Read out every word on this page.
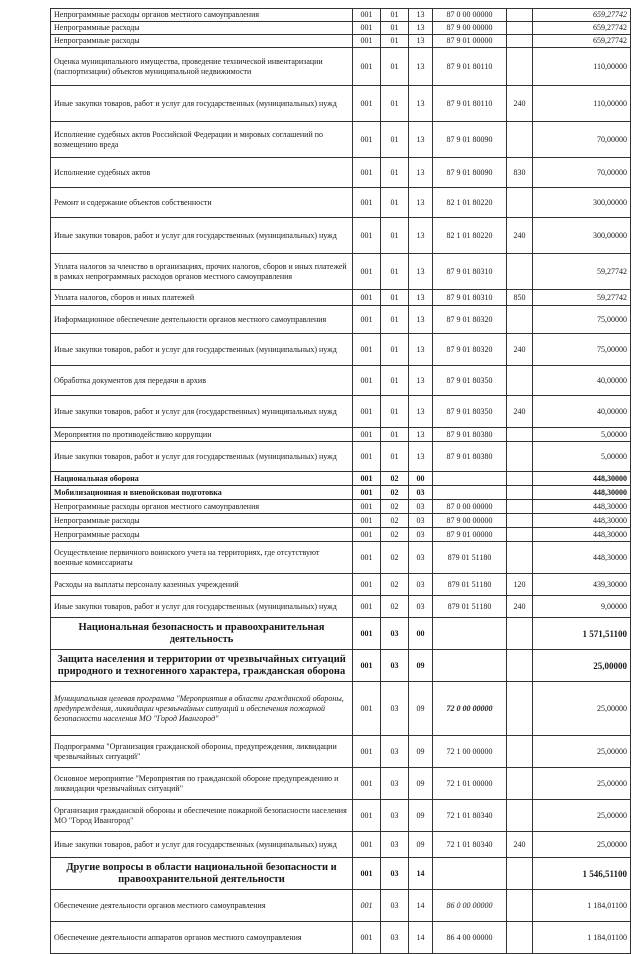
Непрограммные расходы органов местного самоуправления	001	01	13	87 0 00 00000		659,27742
Непрограммные расходы	001	01	13	87 9 00 00000		659,27742
Непрограммные расходы	001	01	13	87 9 01 00000		659,27742
Оценка муниципального имущества, проведение технической инвентаризации (паспортизации) объектов муниципальной недвижимости	001	01	13	87 9 01 80110		110,00000
Иные закупки товаров, работ и услуг для государственных (муниципальных) нужд	001	01	13	87 9 01 80110	240	110,00000
Исполнение судебных актов Российской Федерации и мировых соглашений по возмещению вреда	001	01	13	87 9 01 80090		70,00000
Исполнение судебных актов	001	01	13	87 9 01 80090	830	70,00000
Ремонт и содержание объектов собственности	001	01	13	82 1 01 80220		300,00000
Иные закупки товаров, работ и услуг для государственных (муниципальных) нужд	001	01	13	82 1 01 80220	240	300,00000
Уплата налогов за членство в организациях, прочих налогов, сборов и иных платежей в рамках непрограммных расходов органов местного самоуправления	001	01	13	87 9 01 80310		59,27742
Уплата налогов, сборов и иных платежей	001	01	13	87 9 01 80310	850	59,27742
Информационное обеспечение деятельности органов местного самоуправления	001	01	13	87 9 01 80320		75,00000
Иные закупки товаров, работ и услуг для государственных (муниципальных) нужд	001	01	13	87 9 01 80320	240	75,00000
Обработка документов для передачи в архив	001	01	13	87 9 01 80350		40,00000
Иные закупки товаров, работ и услуг для (государственных) муниципальных нужд	001	01	13	87 9 01 80350	240	40,00000
Мероприятия по противодействию коррупции	001	01	13	87 9 01 80380		5,00000
Иные закупки товаров, работ и услуг для государственных (муниципальных) нужд	001	01	13	87 9 01 80380		5,00000
Национальная оборона	001	02	00			448,30000
Мобилизационная и вневойсковая подготовка	001	02	03			448,30000
Непрограммные расходы органов местного самоуправления	001	02	03	87 0 00 00000		448,30000
Непрограммные расходы	001	02	03	87 9 00 00000		448,30000
Непрограммные расходы	001	02	03	87 9 01 00000		448,30000
Осуществление первичного воинского учета на территориях, где отсутствуют военные комиссариаты	001	02	03	879 01 51180		448,30000
Расходы на выплаты персоналу казенных учреждений	001	02	03	879 01 51180	120	439,30000
Иные закупки товаров, работ и услуг для государственных (муниципальных) нужд	001	02	03	879 01 51180	240	9,00000
Национальная безопасность и правоохранительная деятельность	001	03	00			1 571,51100
Защита населения и территории от чрезвычайных ситуаций природного и техногенного характера, гражданская оборона	001	03	09			25,00000
Муниципальная целевая программа "Мероприятия в области гражданской обороны, предупреждения, ликвидации чрезвычайных ситуаций и обеспечения пожарной безопасности населения МО "Город Ивангород"	001	03	09	72 0 00 00000		25,00000
Подпрограмма "Организация гражданской обороны, предупреждения, ликвидации чрезвычайных ситуаций"	001	03	09	72 1 00 00000		25,00000
Основное мероприятие "Мероприятия по гражданской обороне предупреждению и ликвидации чрезвычайных ситуаций"	001	03	09	72 1 01 00000		25,00000
Организация гражданской обороны и обеспечение пожарной безопасности населения МО "Город Ивангород"	001	03	09	72 1 01 80340		25,00000
Иные закупки товаров, работ и услуг для государственных (муниципальных) нужд	001	03	09	72 1 01 80340	240	25,00000
Другие вопросы в области национальной безопасности и правоохранительной деятельности	001	03	14			1 546,51100
Обеспечение деятельности органов местного самоуправления	001	03	14	86 0 00 00000		1 184,01100
Обеспечение деятельности аппаратов органов местного самоуправления	001	03	14	86 4 00 00000		1 184,01100
